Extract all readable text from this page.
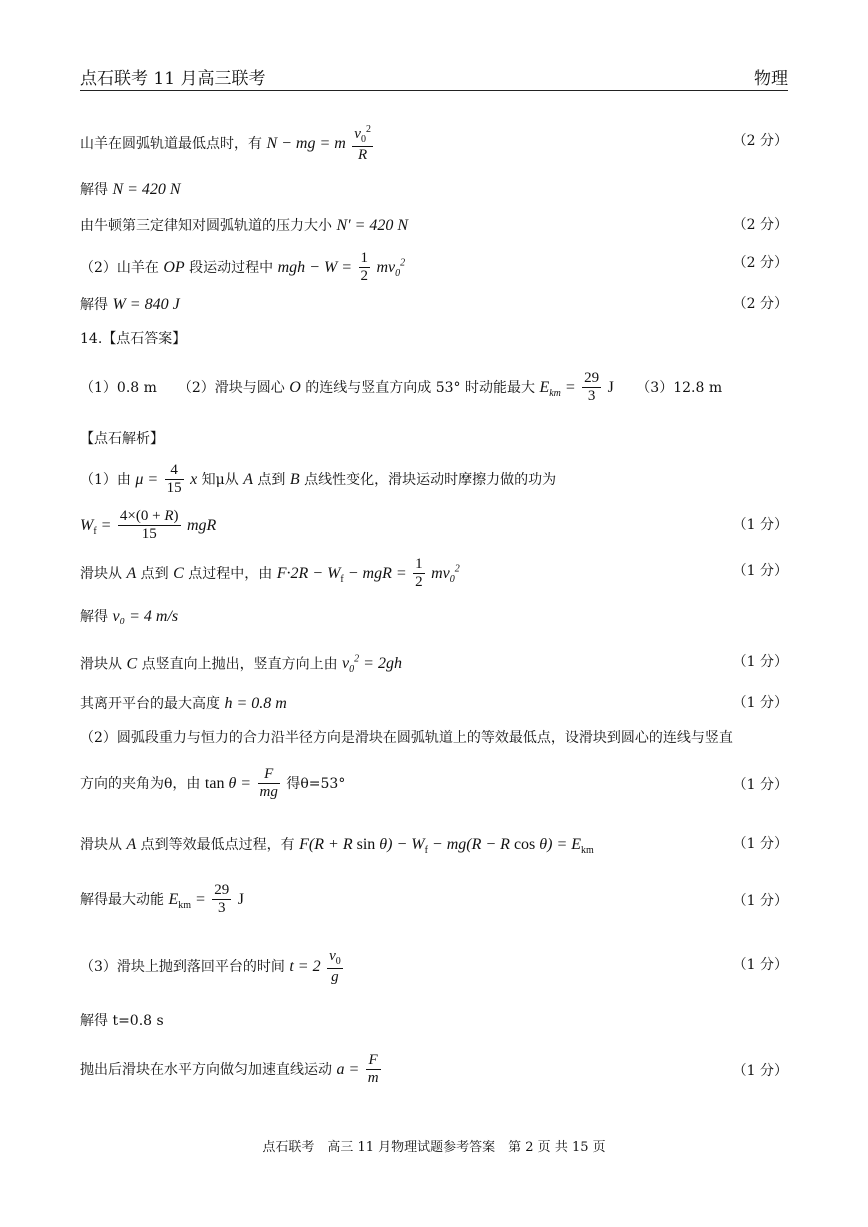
点石联考 11 月高三联考	物理
山羊在圆弧轨道最低点时，有 N − mg = m $\frac{v_0^2}{R}$	（2 分）
解得 N = 420 N
由牛顿第三定律知对圆弧轨道的压力大小 N′ = 420 N	（2 分）
（2）山羊在 OP 段运动过程中 mgh − $W = \frac{1}{2} mv_0^2$	（2 分）
解得 W = 840 J	（2 分）
14.【点石答案】
（1）0.8 m　　（2）滑块与圆心 O 的连线与竖直方向成 53° 时动能最大 $E_{km} = \frac{29}{3}$ J （3）12.8 m
【点石解析】
（1）由 $\mu = \frac{4}{15}$ x 知μ从 A 点到 B 点线性变化，滑块运动时摩擦力做的功为
$W_f = \frac{4\times(0 + R)}{15}$ mgR	（1 分）
滑块从 A 点到 C 点过程中，由 $F\cdot 2R - W_f$ − mgR = $\frac{1}{2} mv_0^2$	（1 分）
解得 v₀ = 4 m/s
滑块从 C 点竖直向上抛出，竖直方向上由 $v_0^2 = 2gh$	（1 分）
其离开平台的最大高度 h = 0.8 m	（1 分）
（2）圆弧段重力与恒力的合力沿半径方向是滑块在圆弧轨道上的等效最低点，设滑块到圆心的连线与竖直
方向的夹角为θ，由 $\tan \theta = \frac{F}{mg}$ 得θ=53°	（1 分）
滑块从 A 点到等效最低点过程，有 F(R + R $\sin \theta) - W_f - mg(R - R$ $\cos \theta) = E_{km}$	（1 分）
解得最大动能 $E_{km} = \frac{29}{3}$ J	（1 分）
（3）滑块上抛到落回平台的时间 $t = 2 \frac{v_0}{g}$	（1 分）
解得 t=0.8 s
抛出后滑块在水平方向做匀加速直线运动 $a = \frac{F}{m}$	（1 分）
点石联考　高三 11 月物理试题参考答案　第 2 页 共 15 页
